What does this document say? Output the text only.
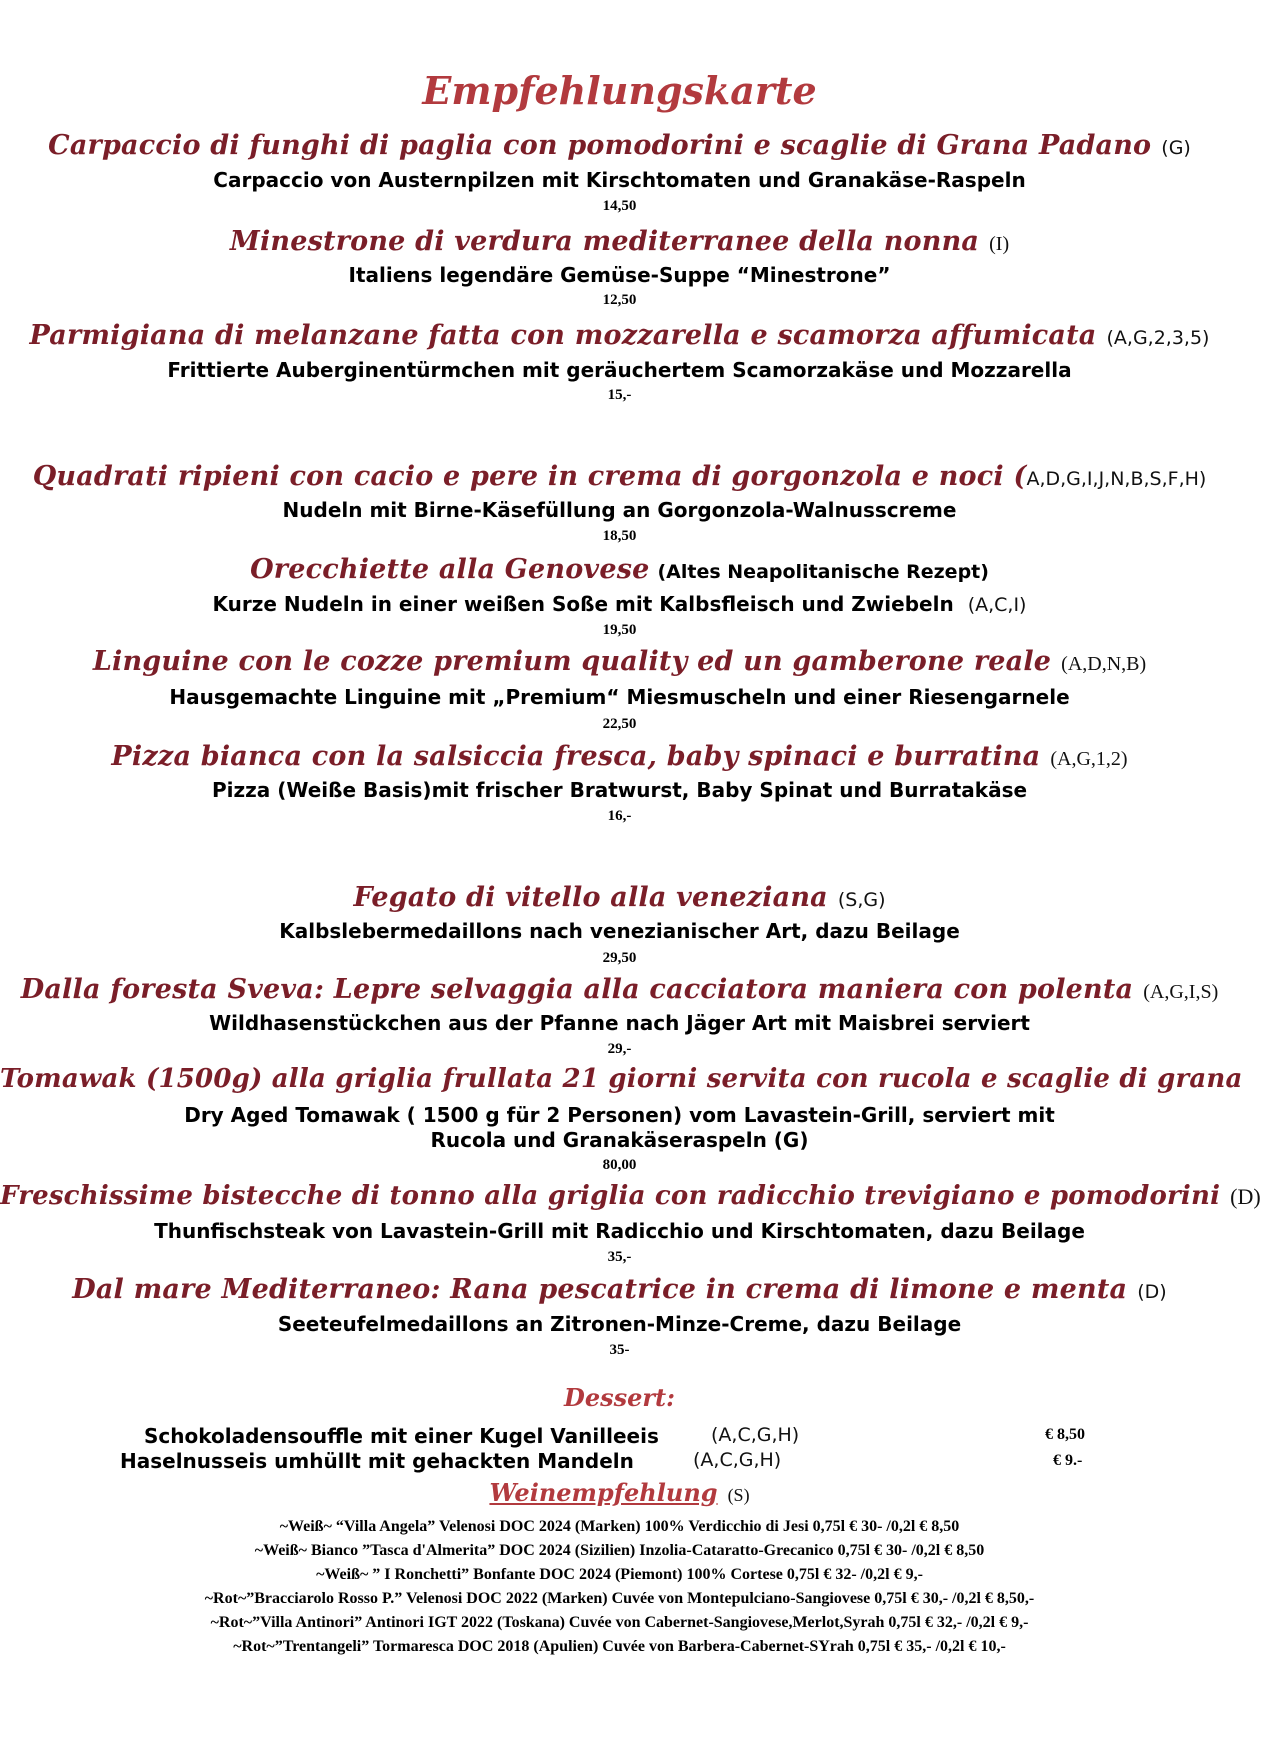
Empfehlungskarte
Carpaccio di funghi di paglia con pomodorini e scaglie di Grana Padano (G)
Carpaccio von Austernpilzen mit Kirschtomaten und Granakäse-Raspeln
14,50
Minestrone di verdura mediterranee della nonna (I)
Italiens legendäre Gemüse-Suppe “Minestrone”
12,50
Parmigiana di melanzane fatta con mozzarella e scamorza affumicata (A,G,2,3,5)
Frittierte Auberginentürmchen mit geräuchertem Scamorzakäse und Mozzarella
15,-
Quadrati ripieni con cacio e pere in crema di gorgonzola e noci (A,D,G,I,J,N,B,S,F,H)
Nudeln mit Birne-Käsefüllung an Gorgonzola-Walnusscreme
18,50
Orecchiette alla Genovese (Altes Neapolitanische Rezept)
Kurze Nudeln in einer weißen Soße mit Kalbsfleisch und Zwiebeln (A,C,I)
19,50
Linguine con le cozze premium quality ed un gamberone reale (A,D,N,B)
Hausgemachte Linguine mit „Premium“ Miesmuscheln und einer Riesengarnele
22,50
Pizza bianca con la salsiccia fresca, baby spinaci e burratina (A,G,1,2)
Pizza (Weiße Basis)mit frischer Bratwurst, Baby Spinat und Burratakäse
16,-
Fegato di vitello alla veneziana (S,G)
Kalbslebermedaillons nach venezianischer Art, dazu Beilage
29,50
Dalla foresta Sveva: Lepre selvaggia alla cacciatora maniera con polenta (A,G,I,S)
Wildhasenstückchen aus der Pfanne nach Jäger Art mit Maisbrei serviert
29,-
Tomawak (1500g) alla griglia frullata 21 giorni servita con rucola e scaglie di grana
Dry Aged Tomawak ( 1500 g für 2 Personen) vom Lavastein-Grill, serviert mit
Rucola und Granakäseraspeln (G)
80,00
Freschissime bistecche di tonno alla griglia con radicchio trevigiano e pomodorini (D)
Thunfischsteak von Lavastein-Grill mit Radicchio und Kirschtomaten, dazu Beilage
35,-
Dal mare Mediterraneo: Rana pescatrice in crema di limone e menta (D)
Seeteufelmedaillons an Zitronen-Minze-Creme, dazu Beilage
35-
Dessert:
Schokoladensouffle mit einer Kugel Vanilleeis	(A,C,G,H)	€ 8,50
Haselnusseis umhüllt mit gehackten Mandeln	(A,C,G,H)	€ 9.-
Weinempfehlung (S)
~Weiß~ “Villa Angela” Velenosi DOC 2024 (Marken) 100% Verdicchio di Jesi 0,75l € 30- /0,2l € 8,50
~Weiß~ Bianco ”Tasca d'Almerita” DOC 2024 (Sizilien) Inzolia-Cataratto-Grecanico 0,75l € 30- /0,2l € 8,50
~Weiß~ ” I Ronchetti” Bonfante DOC 2024 (Piemont) 100% Cortese 0,75l € 32- /0,2l € 9,-
~Rot~”Bracciarolo Rosso P.” Velenosi DOC 2022 (Marken) Cuvée von Montepulciano-Sangiovese 0,75l € 30,- /0,2l € 8,50,-
~Rot~”Villa Antinori” Antinori IGT 2022 (Toskana) Cuvée von Cabernet-Sangiovese,Merlot,Syrah 0,75l € 32,- /0,2l € 9,-
~Rot~”Trentangeli” Tormaresca DOC 2018 (Apulien) Cuvée von Barbera-Cabernet-SYrah 0,75l € 35,- /0,2l € 10,-
